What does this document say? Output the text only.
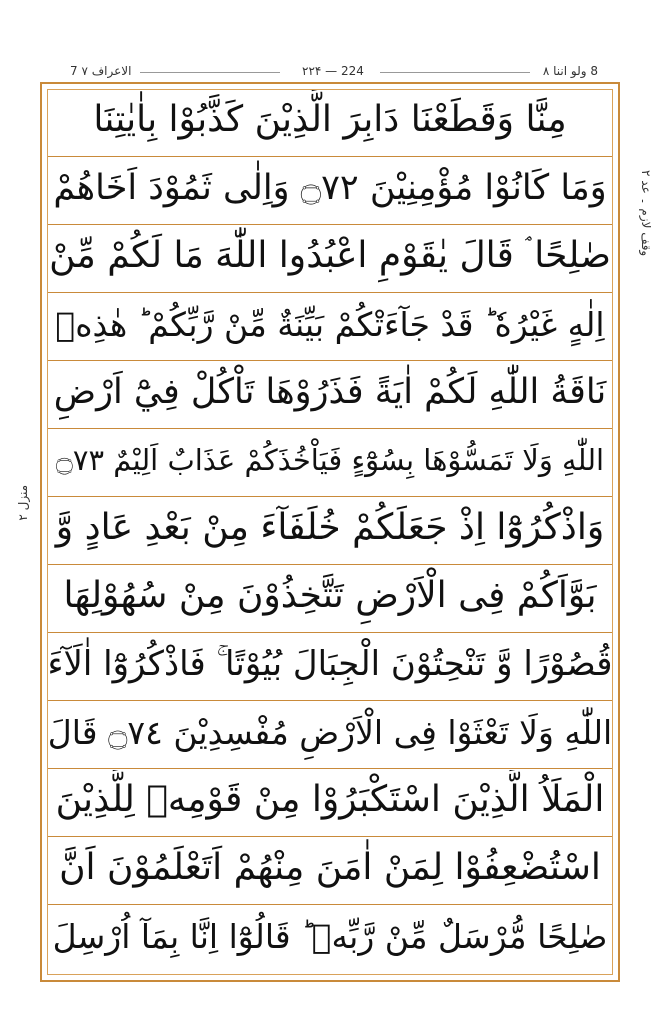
7 الاعراف ۷	۲۲۴ — 224	8 ولو اننا ۸
وقف لازم ۔ عد ۲
منزل ۲
مِنَّا وَقَطَعْنَا دَابِرَ الَّذِيْنَ كَذَّبُوْا بِاٰيٰتِنَا
وَمَا كَانُوْا مُؤْمِنِيْنَ ۝٧٢ وَاِلٰى ثَمُوْدَ اَخَاهُمْ
صٰلِحًا ۘ قَالَ يٰقَوْمِ اعْبُدُوا اللّٰهَ مَا لَكُمْ مِّنْ
اِلٰهٍ غَيْرُهٗ ؕ قَدْ جَآءَتْكُمْ بَيِّنَةٌ مِّنْ رَّبِّكُمْ ؕ هٰذِهٖ
نَاقَةُ اللّٰهِ لَكُمْ اٰيَةً فَذَرُوْهَا تَاْكُلْ فِيْٓ اَرْضِ
اللّٰهِ وَلَا تَمَسُّوْهَا بِسُوْٓءٍ فَيَاْخُذَكُمْ عَذَابٌ اَلِيْمٌ ۝٧٣
وَاذْكُرُوْٓا اِذْ جَعَلَكُمْ خُلَفَآءَ مِنْ بَعْدِ عَادٍ وَّ
بَوَّاَكُمْ فِى الْاَرْضِ تَتَّخِذُوْنَ مِنْ سُهُوْلِهَا
قُصُوْرًا وَّ تَنْحِتُوْنَ الْجِبَالَ بُيُوْتًا ۚ فَاذْكُرُوْٓا اٰلَآءَ
اللّٰهِ وَلَا تَعْثَوْا فِى الْاَرْضِ مُفْسِدِيْنَ ۝٧٤ قَالَ
الْمَلَاُ الَّذِيْنَ اسْتَكْبَرُوْا مِنْ قَوْمِهٖ لِلَّذِيْنَ
اسْتُضْعِفُوْا لِمَنْ اٰمَنَ مِنْهُمْ اَتَعْلَمُوْنَ اَنَّ
صٰلِحًا مُّرْسَلٌ مِّنْ رَّبِّهٖ ؕ قَالُوْٓا اِنَّا بِمَآ اُرْسِلَ
